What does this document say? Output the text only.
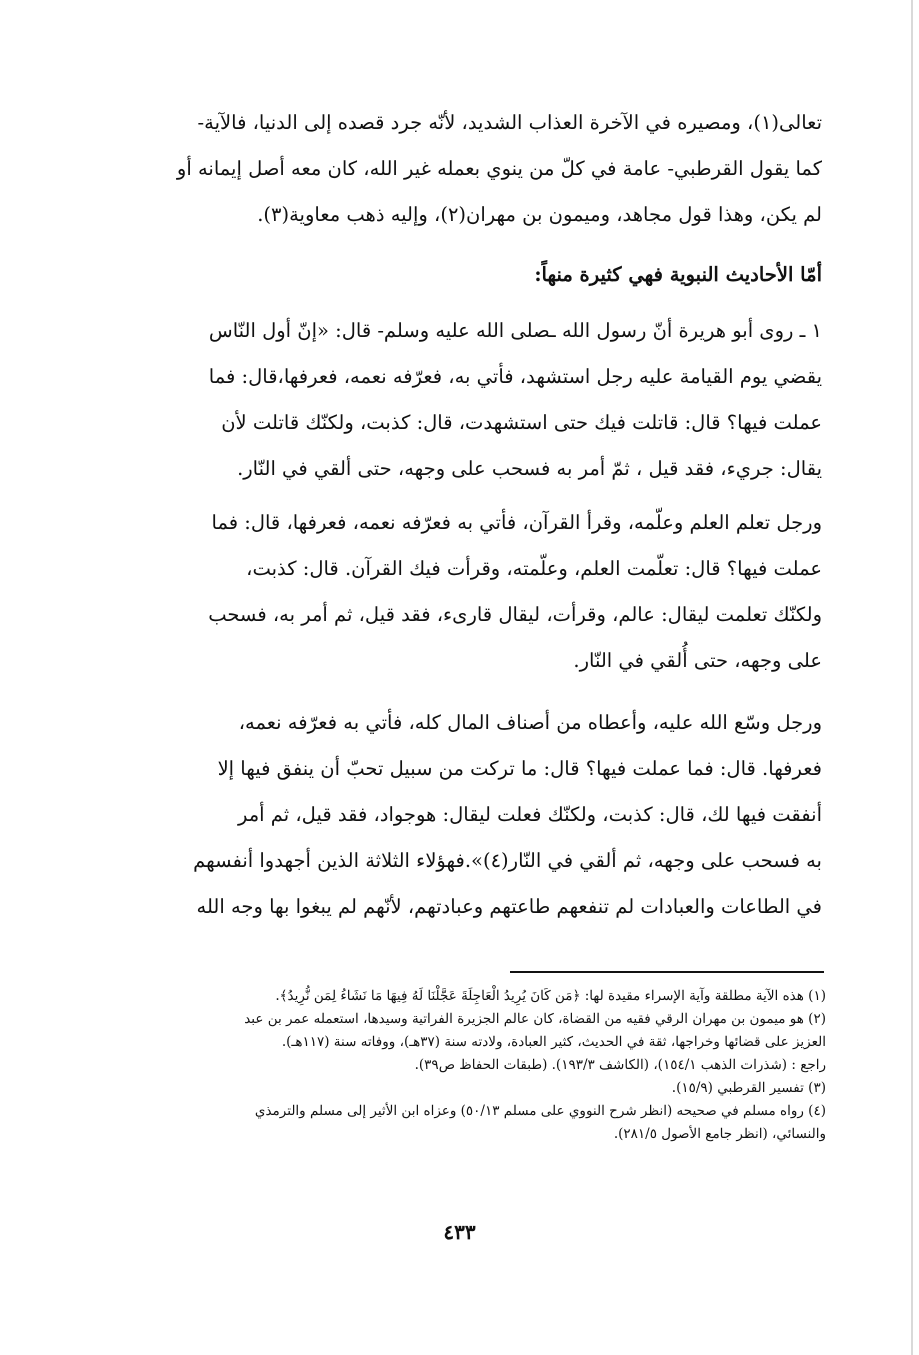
تعالى(١)، ومصيره في الآخرة العذاب الشديد، لأنّه جرد قصده إلى الدنيا، فالآية-
كما يقول القرطبي- عامة في كلّ من ينوي بعمله غير الله، كان معه أصل إيمانه أو
لم يكن، وهذا قول مجاهد، وميمون بن مهران(٢)، وإليه ذهب معاوية(٣).
أمّا الأحاديث النبوية فهي كثيرة منهاً:
١ ـ روى أبو هريرة أنّ رسول الله ـصلى الله عليه وسلم- قال: «إنّ أول النّاس
يقضي يوم القيامة عليه رجل استشهد، فأتي به، فعرّفه نعمه، فعرفها،قال: فما
عملت فيها؟ قال: قاتلت فيك حتى استشهدت، قال: كذبت، ولكنّك قاتلت لأن
يقال: جريء، فقد قيل ، ثمّ أمر به فسحب على وجهه، حتى ألقي في النّار.
ورجل تعلم العلم وعلّمه، وقرأ القرآن، فأتي به فعرّفه نعمه، فعرفها، قال: فما
عملت فيها؟ قال: تعلّمت العلم، وعلّمته، وقرأت فيك القرآن. قال: كذبت،
ولكنّك تعلمت ليقال: عالم، وقرأت، ليقال قارىء، فقد قيل، ثم أمر به، فسحب
على وجهه، حتى أُلقي في النّار.
ورجل وسّع الله عليه، وأعطاه من أصناف المال كله، فأتي به فعرّفه نعمه،
فعرفها. قال: فما عملت فيها؟ قال: ما تركت من سبيل تحبّ أن ينفق فيها إلا
أنفقت فيها لك، قال: كذبت، ولكنّك فعلت ليقال: هوجواد، فقد قيل، ثم أمر
به فسحب على وجهه، ثم ألقي في النّار(٤)».فهؤلاء الثلاثة الذين أجهدوا أنفسهم
في الطاعات والعبادات لم تنفعهم طاعتهم وعبادتهم، لأنّهم لم يبغوا بها وجه الله
(١) هذه الآية مطلقة وآية الإسراء مقيدة لها: ﴿مَن كَانَ يُرِيدُ الْعَاجِلَةَ عَجَّلْنَا لَهُ فِيهَا مَا نَشَاءُ لِمَن نُّرِيدُ﴾.
(٢) هو ميمون بن مهران الرقي فقيه من القضاة، كان عالم الجزيرة الفراتية وسيدها، استعمله عمر بن عبد
العزيز على قضائها وخراجها، ثقة في الحديث، كثير العبادة، ولادته سنة (٣٧هـ)، ووفاته سنة (١١٧هـ).
راجع : (شذرات الذهب ١٥٤/١)، (الكاشف ١٩٣/٣). (طبقات الحفاظ ص٣٩).
(٣) تفسير القرطبي (١٥/٩).
(٤) رواه مسلم في صحيحه (انظر شرح النووي على مسلم ٥٠/١٣) وعزاه ابن الأثير إلى مسلم والترمذي
والنسائي، (انظر جامع الأصول ٢٨١/٥).
٤٣٣
